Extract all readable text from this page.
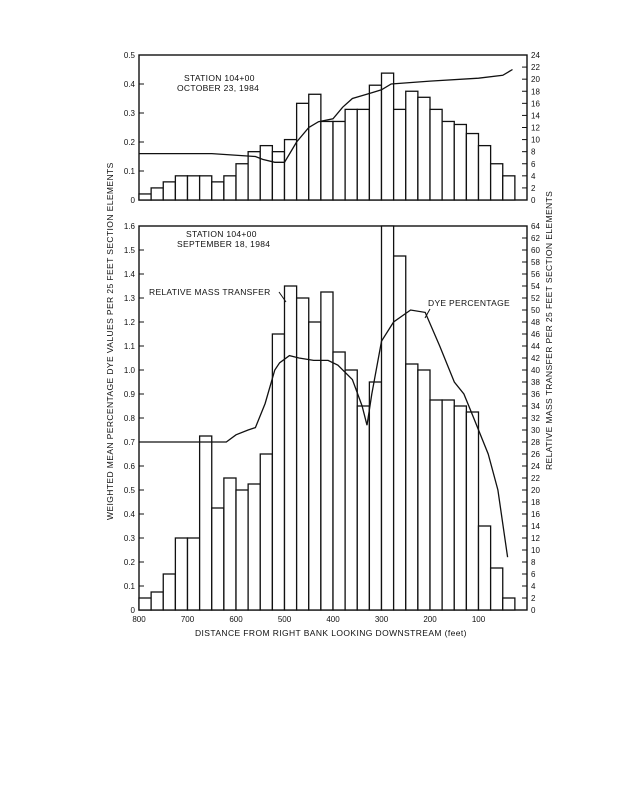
0
0.1
0.2
0.3
0.4
0.5
0
2
4
6
8
10
12
14
16
18
20
22
24
STATION 104+00
OCTOBER 23, 1984
0
0.1
0.2
0.3
0.4
0.5
0.6
0.7
0.8
0.9
1.0
1.1
1.2
1.3
1.4
1.5
1.6
0
2
4
6
8
10
12
14
16
18
20
22
24
26
28
30
32
34
36
38
40
42
44
46
48
50
52
54
56
58
60
62
64
800	700	600	500	400	300	200	100
STATION 104+00
SEPTEMBER 18, 1984
RELATIVE MASS TRANSFER
DYE PERCENTAGE
DISTANCE FROM RIGHT BANK LOOKING DOWNSTREAM (feet)
WEIGHTED MEAN PERCENTAGE DYE VALUES PER 25 FEET SECTION ELEMENTS	RELATIVE MASS TRANSFER PER 25 FEET SECTION ELEMENTS
